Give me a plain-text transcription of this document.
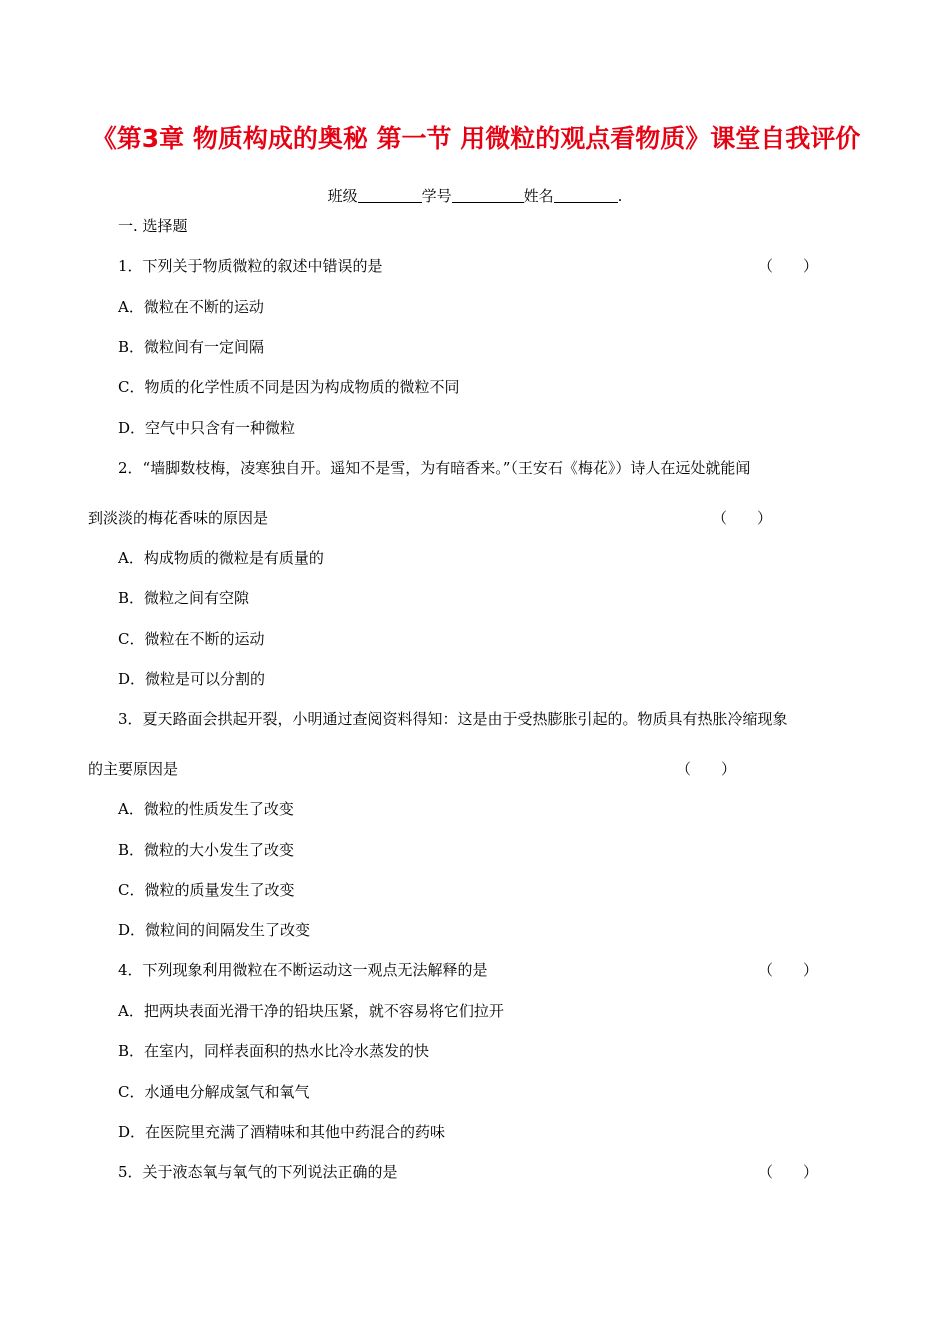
《第3章 物质构成的奥秘 第一节 用微粒的观点看物质》课堂自我评价
班级	学号	姓名	.
一. 选择题
1．下列关于物质微粒的叙述中错误的是	（　　）
A．微粒在不断的运动
B．微粒间有一定间隔
C．物质的化学性质不同是因为构成物质的微粒不同
D．空气中只含有一种微粒
2．“墙脚数枝梅，凌寒独自开。遥知不是雪，为有暗香来。”（王安石《梅花》）诗人在远处就能闻
到淡淡的梅花香味的原因是	（　　）
A．构成物质的微粒是有质量的
B．微粒之间有空隙
C．微粒在不断的运动
D．微粒是可以分割的
3．夏天路面会拱起开裂，小明通过查阅资料得知：这是由于受热膨胀引起的。物质具有热胀冷缩现象
的主要原因是	（　　）
A．微粒的性质发生了改变
B．微粒的大小发生了改变
C．微粒的质量发生了改变
D．微粒间的间隔发生了改变
4．下列现象利用微粒在不断运动这一观点无法解释的是	（　　）
A．把两块表面光滑干净的铅块压紧，就不容易将它们拉开
B．在室内，同样表面积的热水比冷水蒸发的快
C．水通电分解成氢气和氧气
D．在医院里充满了酒精味和其他中药混合的药味
5．关于液态氧与氧气的下列说法正确的是	（　　）
